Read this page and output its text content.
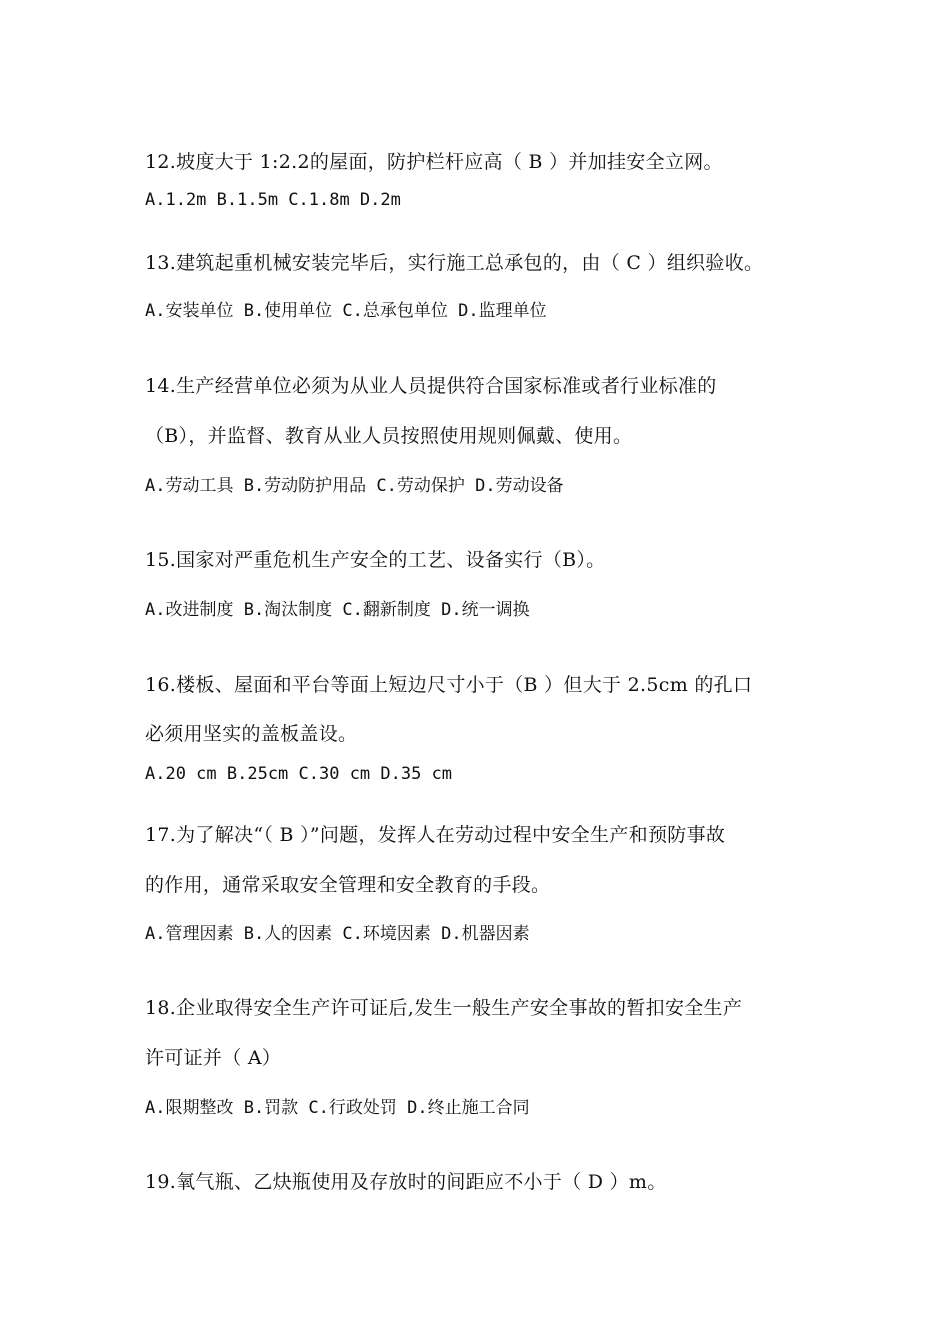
12.坡度大于 1:2.2的屋面，防护栏杆应高（ B ）并加挂安全立网。
A.1.2m B.1.5m C.1.8m D.2m
13.建筑起重机械安装完毕后，实行施工总承包的，由（ C ）组织验收。
A.安装单位 B.使用单位 C.总承包单位 D.监理单位
14.生产经营单位必须为从业人员提供符合国家标准或者行业标准的
（B），并监督、教育从业人员按照使用规则佩戴、使用。
A.劳动工具 B.劳动防护用品 C.劳动保护 D.劳动设备
15.国家对严重危机生产安全的工艺、设备实行（B）。
A.改进制度 B.淘汰制度 C.翻新制度 D.统一调换
16.楼板、屋面和平台等面上短边尺寸小于（B ）但大于 2.5cm 的孔口
必须用坚实的盖板盖设。
A.20 cm B.25cm C.30 cm D.35 cm
17.为了解决“（ B ）”问题，发挥人在劳动过程中安全生产和预防事故
的作用，通常采取安全管理和安全教育的手段。
A.管理因素 B.人的因素 C.环境因素 D.机器因素
18.企业取得安全生产许可证后,发生一般生产安全事故的暂扣安全生产
许可证并（ A）
A.限期整改 B.罚款 C.行政处罚 D.终止施工合同
19.氧气瓶、乙炔瓶使用及存放时的间距应不小于（ D ）m。
